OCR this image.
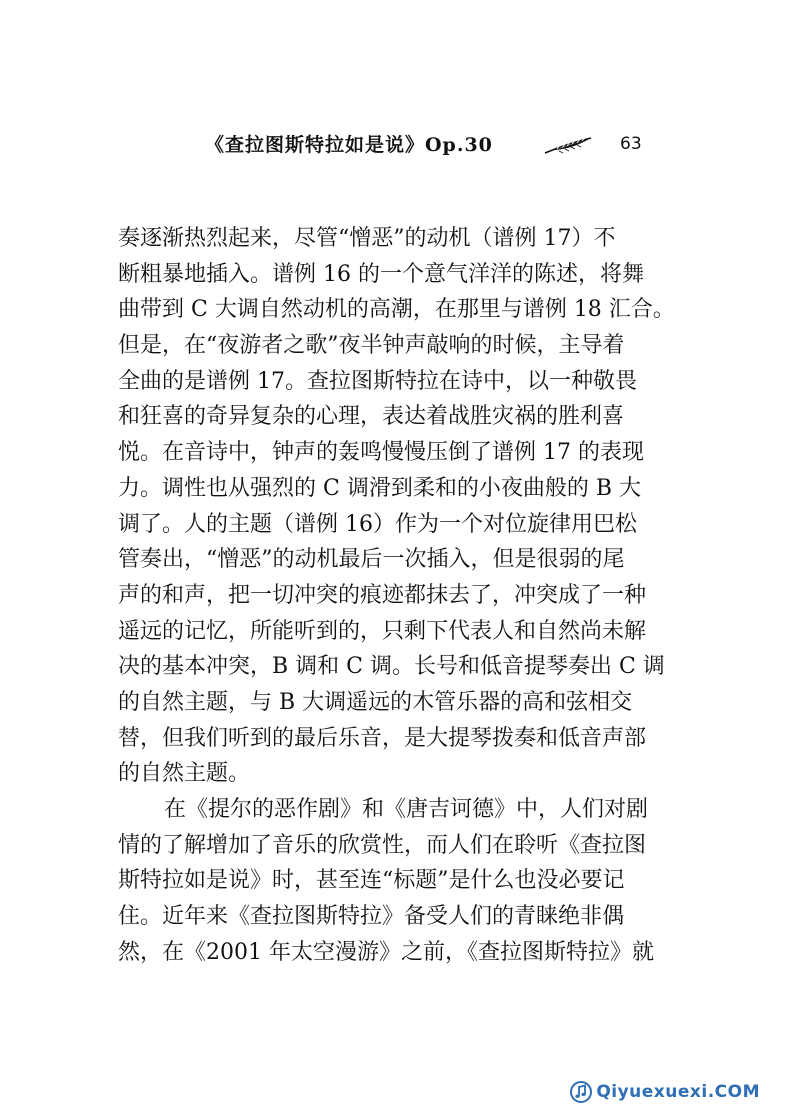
《查拉图斯特拉如是说》Op.30	63
奏逐渐热烈起来，尽管“憎恶”的动机（谱例 17）不
断粗暴地插入。谱例 16 的一个意气洋洋的陈述，将舞
曲带到 C 大调自然动机的高潮，在那里与谱例 18 汇合。
但是，在“夜游者之歌”夜半钟声敲响的时候，主导着
全曲的是谱例 17。查拉图斯特拉在诗中，以一种敬畏
和狂喜的奇异复杂的心理，表达着战胜灾祸的胜利喜
悦。在音诗中，钟声的轰鸣慢慢压倒了谱例 17 的表现
力。调性也从强烈的 C 调滑到柔和的小夜曲般的 B 大
调了。人的主题（谱例 16）作为一个对位旋律用巴松
管奏出，“憎恶”的动机最后一次插入，但是很弱的尾
声的和声，把一切冲突的痕迹都抹去了，冲突成了一种
遥远的记忆，所能听到的，只剩下代表人和自然尚未解
决的基本冲突，B 调和 C 调。长号和低音提琴奏出 C 调
的自然主题，与 B 大调遥远的木管乐器的高和弦相交
替，但我们听到的最后乐音，是大提琴拨奏和低音声部
的自然主题。
在《提尔的恶作剧》和《唐吉诃德》中，人们对剧
情的了解增加了音乐的欣赏性，而人们在聆听《查拉图
斯特拉如是说》时，甚至连“标题”是什么也没必要记
住。近年来《查拉图斯特拉》备受人们的青睐绝非偶
然，在《2001 年太空漫游》之前，《查拉图斯特拉》就
Qiyuexuexi.COM
